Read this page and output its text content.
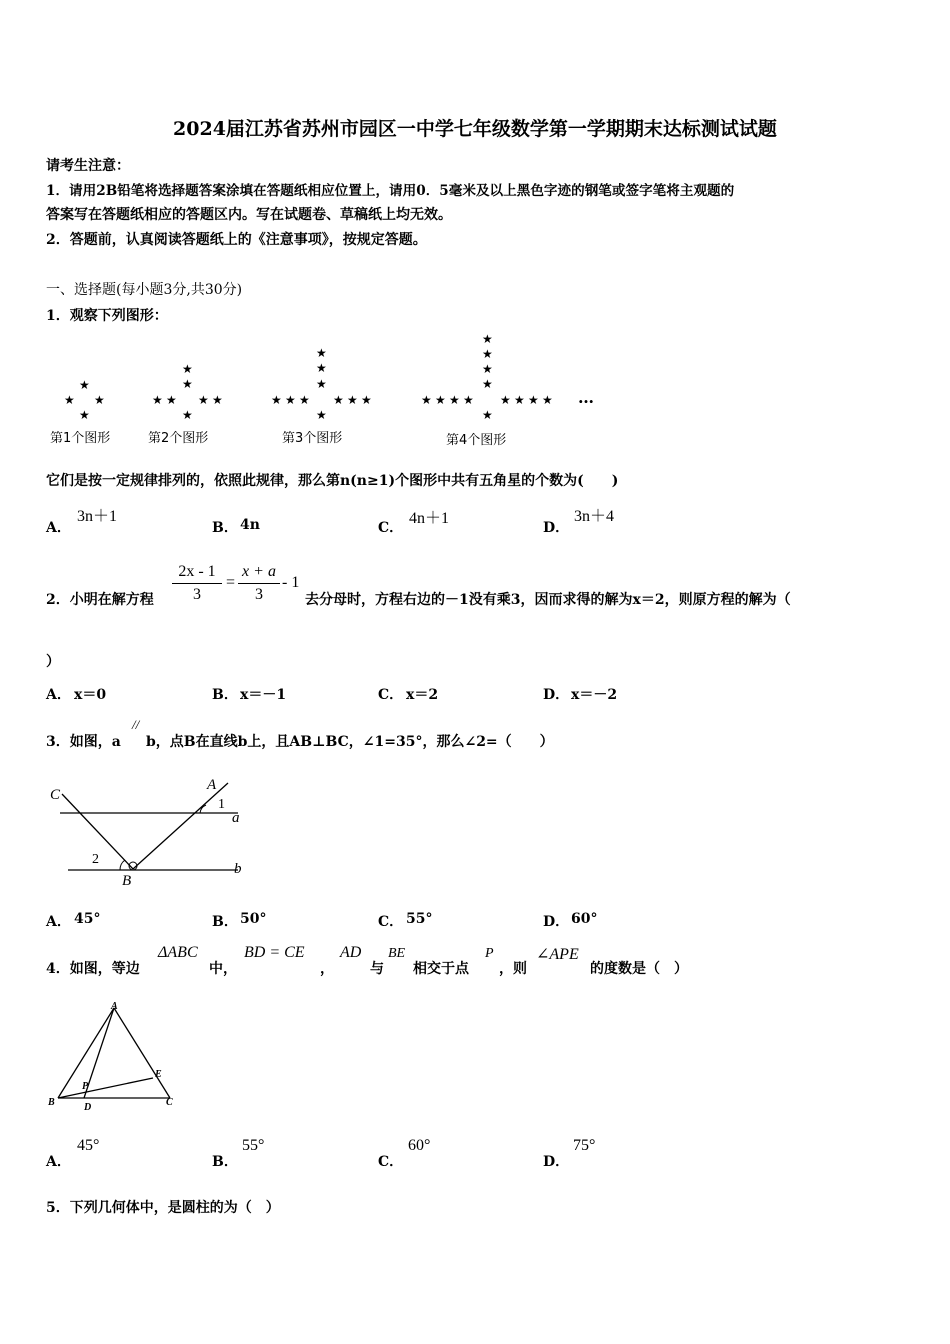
2024届江苏省苏州市园区一中学七年级数学第一学期期末达标测试试题
请考生注意：
1．请用2B铅笔将选择题答案涂填在答题纸相应位置上，请用0．5毫米及以上黑色字迹的钢笔或签字笔将主观题的
答案写在答题纸相应的答题区内。写在试题卷、草稿纸上均无效。
2．答题前，认真阅读答题纸上的《注意事项》，按规定答题。
一、选择题(每小题3分,共30分)
1．观察下列图形：
★
★ ★
★
第1个图形
★
★
★ ★ ★ ★
★
第2个图形
★
★
★
★ ★ ★ ★ ★ ★
★
第3个图形
★
★
★
★
★ ★ ★ ★ ★ ★ ★ ★
★
第4个图形
…
它们是按一定规律排列的，依照此规律，那么第n(n≥1)个图形中共有五角星的个数为(　　)
A．
3n＋1
B． 4n	C．
4n＋1
D．
3n＋4
2．小明在解方程
2x - 1
3
=
x + a
3
- 1
去分母时，方程右边的－1没有乘3，因而求得的解为x＝2，则原方程的解为（
）
A． x＝0	B． x＝－1	C． x＝2	D． x＝－2
3．如图，a
//
b，点B在直线b上，且AB⊥BC，∠1=35°，那么∠2=（　　）
C
A
1
a
2
b
B
A． 45°	B． 50°	C． 55°	D． 60°
4．如图，等边
ΔABC
中，
BD = CE
，
AD
与
BE
相交于点
P
，则
∠APE
的度数是（　）
A
B	C
D
E
P
A．
45°
B．
55°
C．
60°
D．
75°
5．下列几何体中，是圆柱的为（　）
